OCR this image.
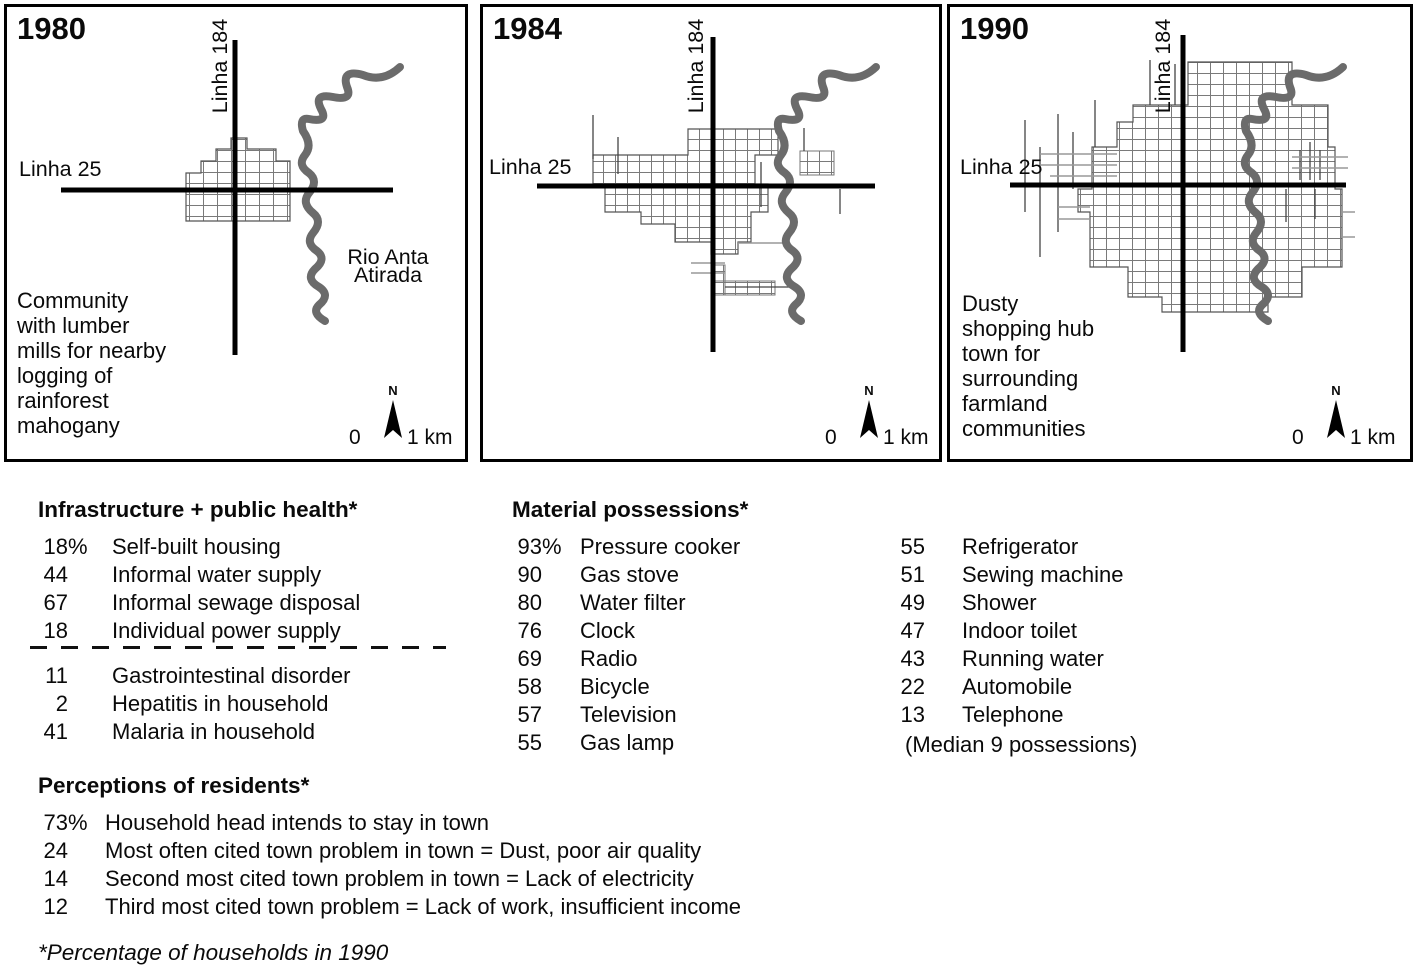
1980	Linha 184
Linha 25
Rio Anta
Atirada
Community
with lumber
mills for nearby
logging of
rainforest
mahogany
N
0 1 km
1984	Linha 184
Linha 25
N
0 1 km
1990	Linha 184
Linha 25
Dusty
shopping hub
town for
surrounding
farmland
communities
N
0 1 km
Infrastructure + public health*
18 % Self-built housing
44 Informal water supply
67 Informal sewage disposal
18 Individual power supply
11 Gastrointestinal disorder
2 Hepatitis in household
41 Malaria in household
Material possessions*
93 % Pressure cooker
90 Gas stove
80 Water filter
76 Clock
69 Radio
58 Bicycle
57 Television
55 Gas lamp
55 Refrigerator
51 Sewing machine
49 Shower
47 Indoor toilet
43 Running water
22 Automobile
13 Telephone
(Median 9 possessions)
Perceptions of residents*
73 % Household head intends to stay in town
24 Most often cited town problem in town = Dust, poor air quality
14 Second most cited town problem in town = Lack of electricity
12 Third most cited town problem = Lack of work, insufficient income
*Percentage of households in 1990
